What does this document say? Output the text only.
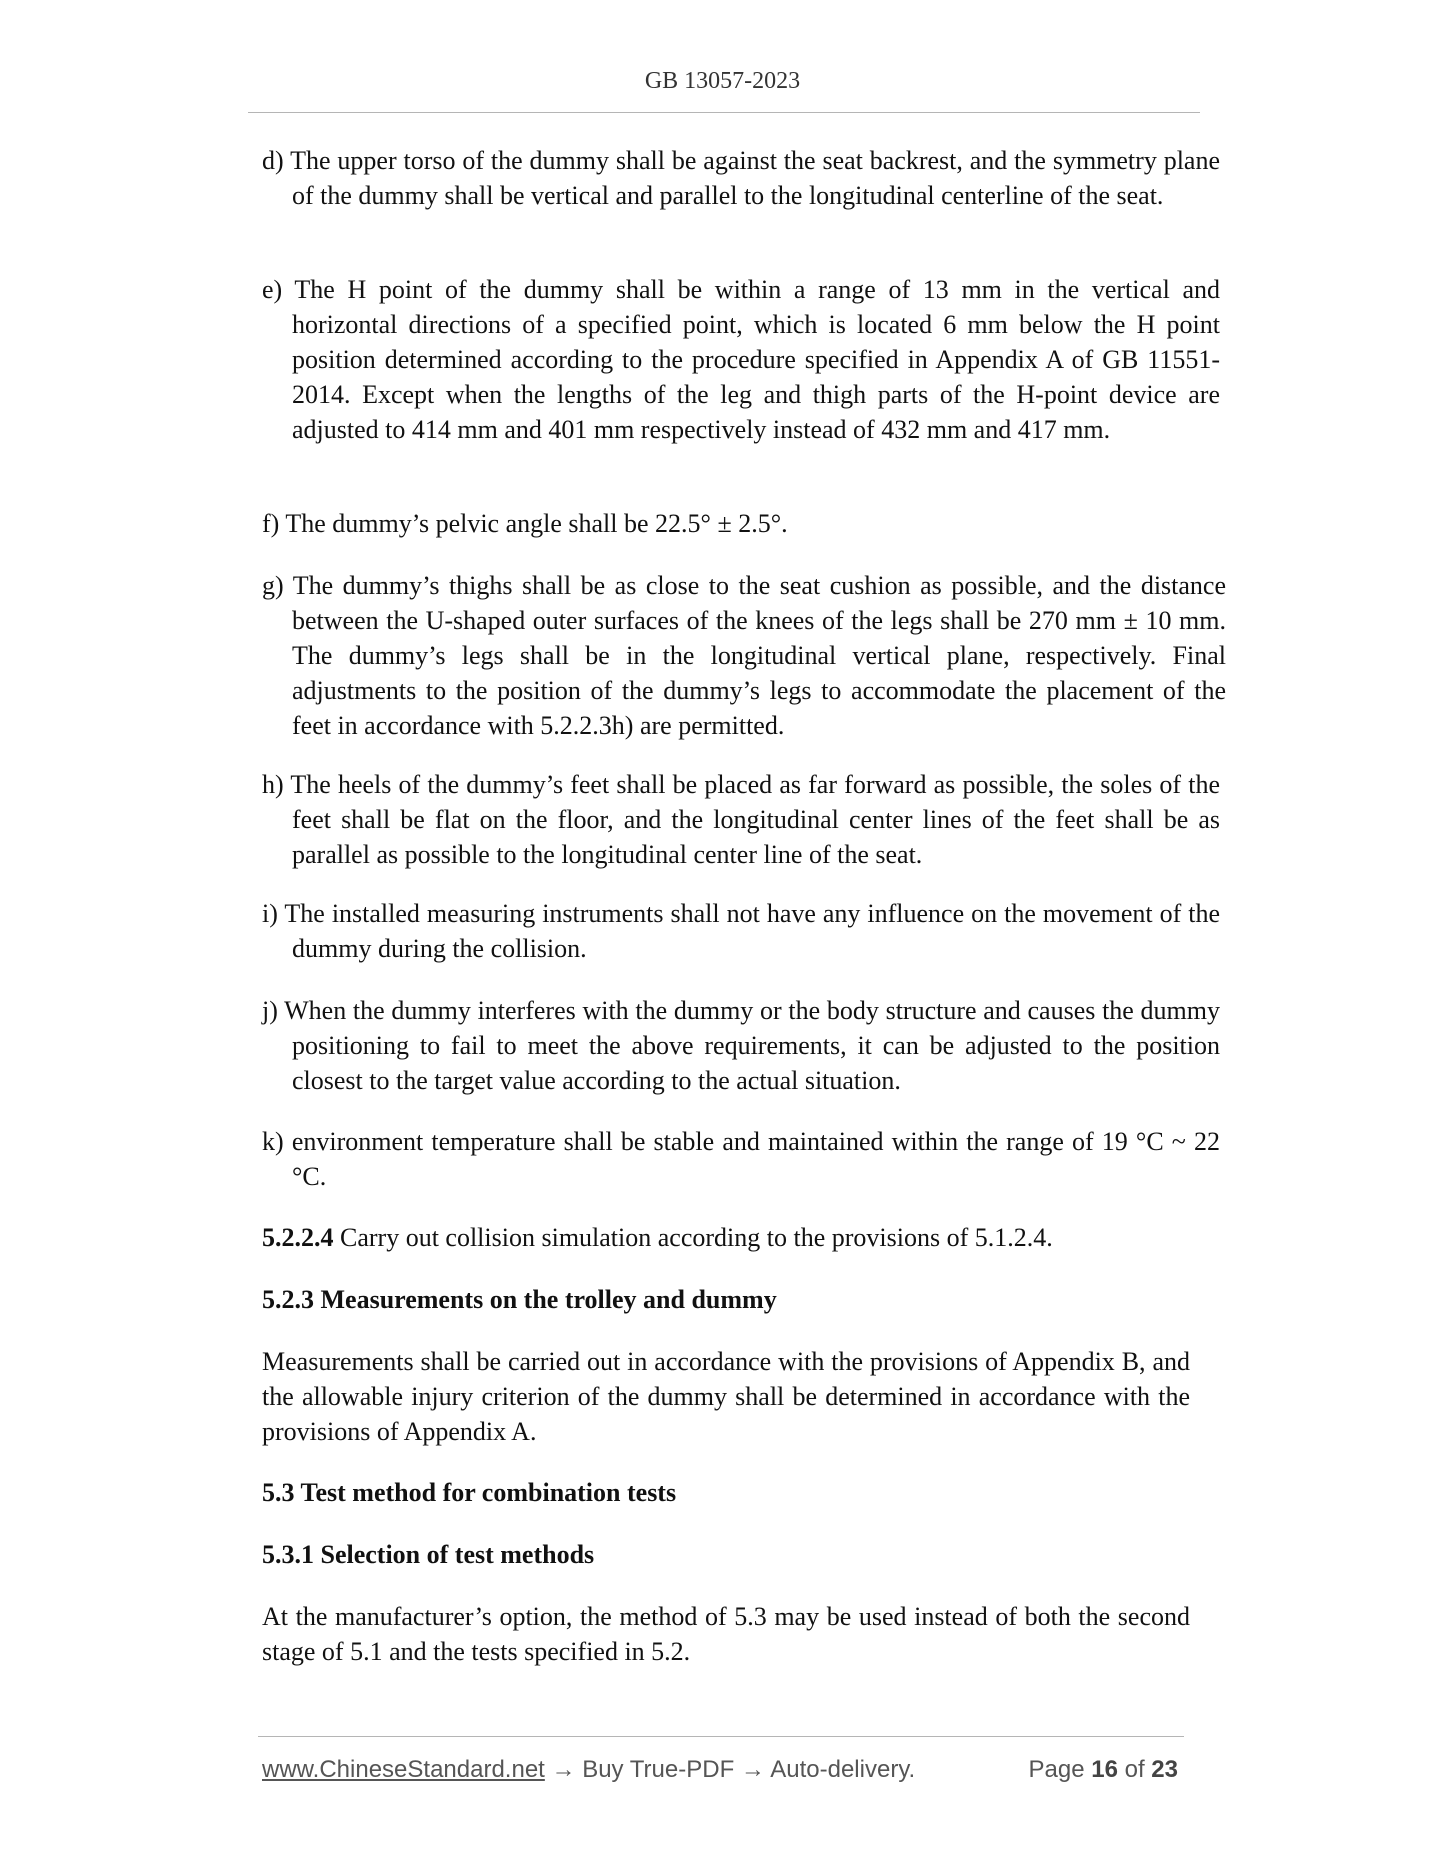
GB 13057-2023

d) The upper torso of the dummy shall be against the seat backrest, and the symmetry plane of the dummy shall be vertical and parallel to the longitudinal centerline of the seat.

e) The H point of the dummy shall be within a range of 13 mm in the vertical and horizontal directions of a specified point, which is located 6 mm below the H point position determined according to the procedure specified in Appendix A of GB 11551-2014. Except when the lengths of the leg and thigh parts of the H-point device are adjusted to 414 mm and 401 mm respectively instead of 432 mm and 417 mm.

f) The dummy’s pelvic angle shall be 22.5° ± 2.5°.

g) The dummy’s thighs shall be as close to the seat cushion as possible, and the distance between the U-shaped outer surfaces of the knees of the legs shall be 270 mm ± 10 mm. The dummy’s legs shall be in the longitudinal vertical plane, respectively. Final adjustments to the position of the dummy’s legs to accommodate the placement of the feet in accordance with 5.2.2.3h) are permitted.

h) The heels of the dummy’s feet shall be placed as far forward as possible, the soles of the feet shall be flat on the floor, and the longitudinal center lines of the feet shall be as parallel as possible to the longitudinal center line of the seat.

i) The installed measuring instruments shall not have any influence on the movement of the dummy during the collision.

j) When the dummy interferes with the dummy or the body structure and causes the dummy positioning to fail to meet the above requirements, it can be adjusted to the position closest to the target value according to the actual situation.

k) environment temperature shall be stable and maintained within the range of 19 °C ~ 22 °C.

5.2.2.4 Carry out collision simulation according to the provisions of 5.1.2.4.

5.2.3 Measurements on the trolley and dummy

Measurements shall be carried out in accordance with the provisions of Appendix B, and the allowable injury criterion of the dummy shall be determined in accordance with the provisions of Appendix A.

5.3 Test method for combination tests

5.3.1 Selection of test methods

At the manufacturer’s option, the method of 5.3 may be used instead of both the second stage of 5.1 and the tests specified in 5.2.

www.ChineseStandard.net → Buy True-PDF → Auto-delivery.	Page 16 of 23
